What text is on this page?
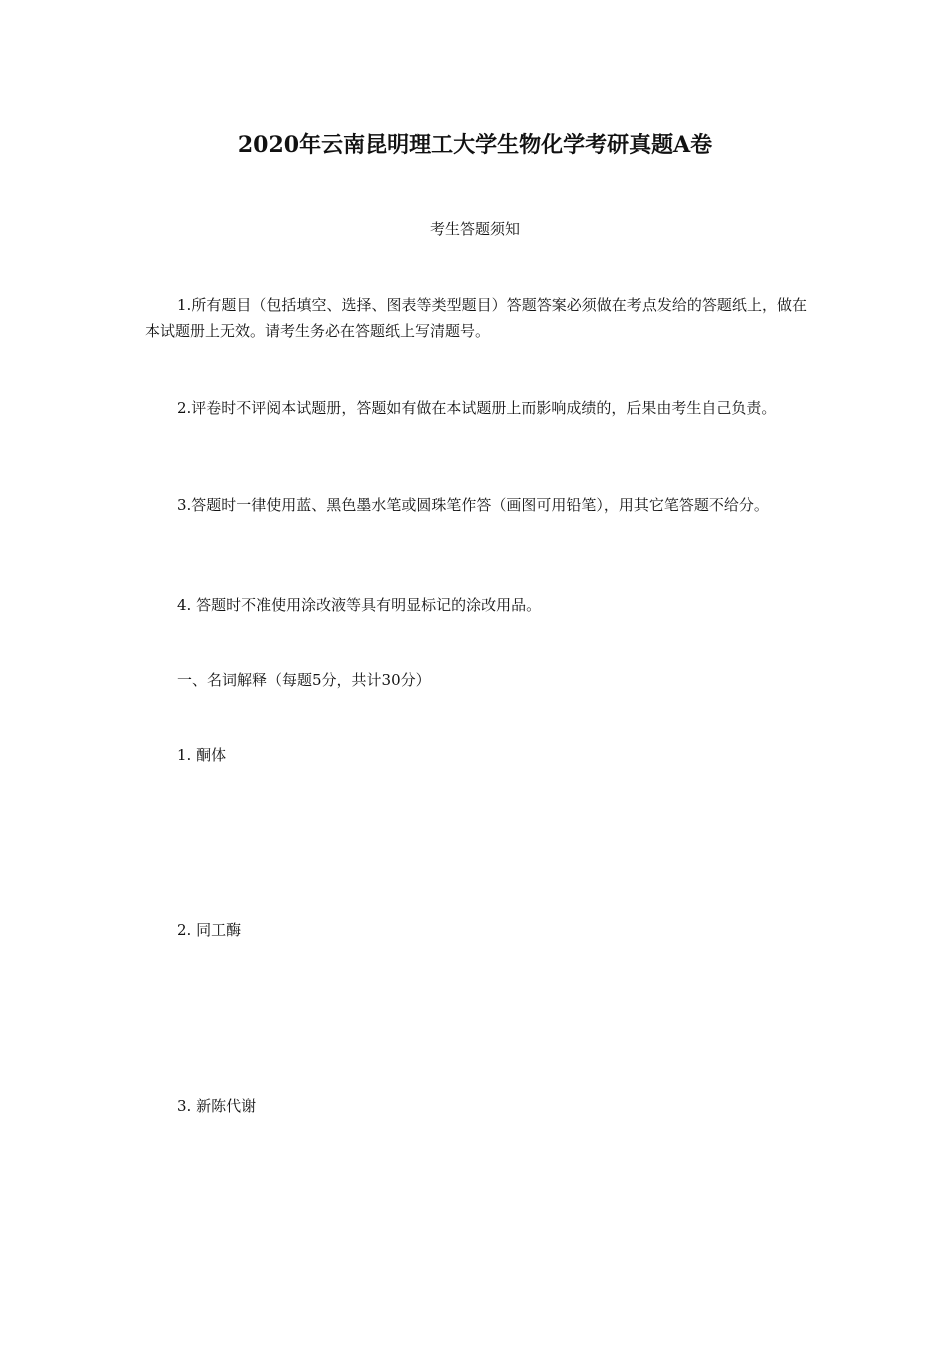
2020年云南昆明理工大学生物化学考研真题A卷
考生答题须知
1.所有题目（包括填空、选择、图表等类型题目）答题答案必须做在考点发给的答题纸上，做在本试题册上无效。请考生务必在答题纸上写清题号。
2.评卷时不评阅本试题册，答题如有做在本试题册上而影响成绩的，后果由考生自己负责。
3.答题时一律使用蓝、黑色墨水笔或圆珠笔作答（画图可用铅笔），用其它笔答题不给分。
4. 答题时不准使用涂改液等具有明显标记的涂改用品。
一、名词解释（每题5分，共计30分）
1. 酮体
2. 同工酶
3. 新陈代谢
